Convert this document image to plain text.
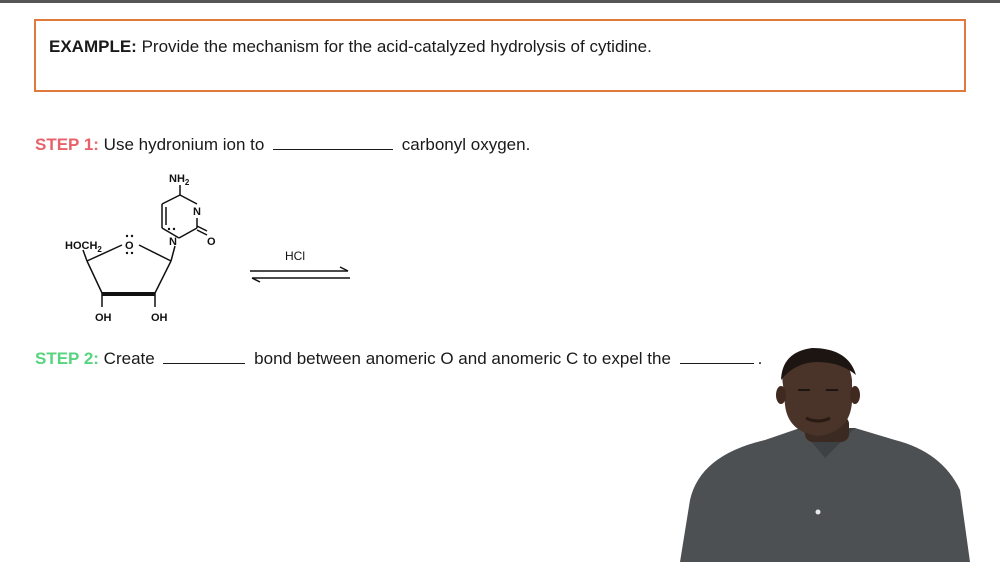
EXAMPLE: Provide the mechanism for the acid-catalyzed hydrolysis of cytidine.
STEP 1: Use hydronium ion to	carbonyl oxygen.
$NH_2$
N
N	O
$HOCH_2$ O
OH	OH
HCl
STEP 2: Create	bond between anomeric O and anomeric C to expel the	.
